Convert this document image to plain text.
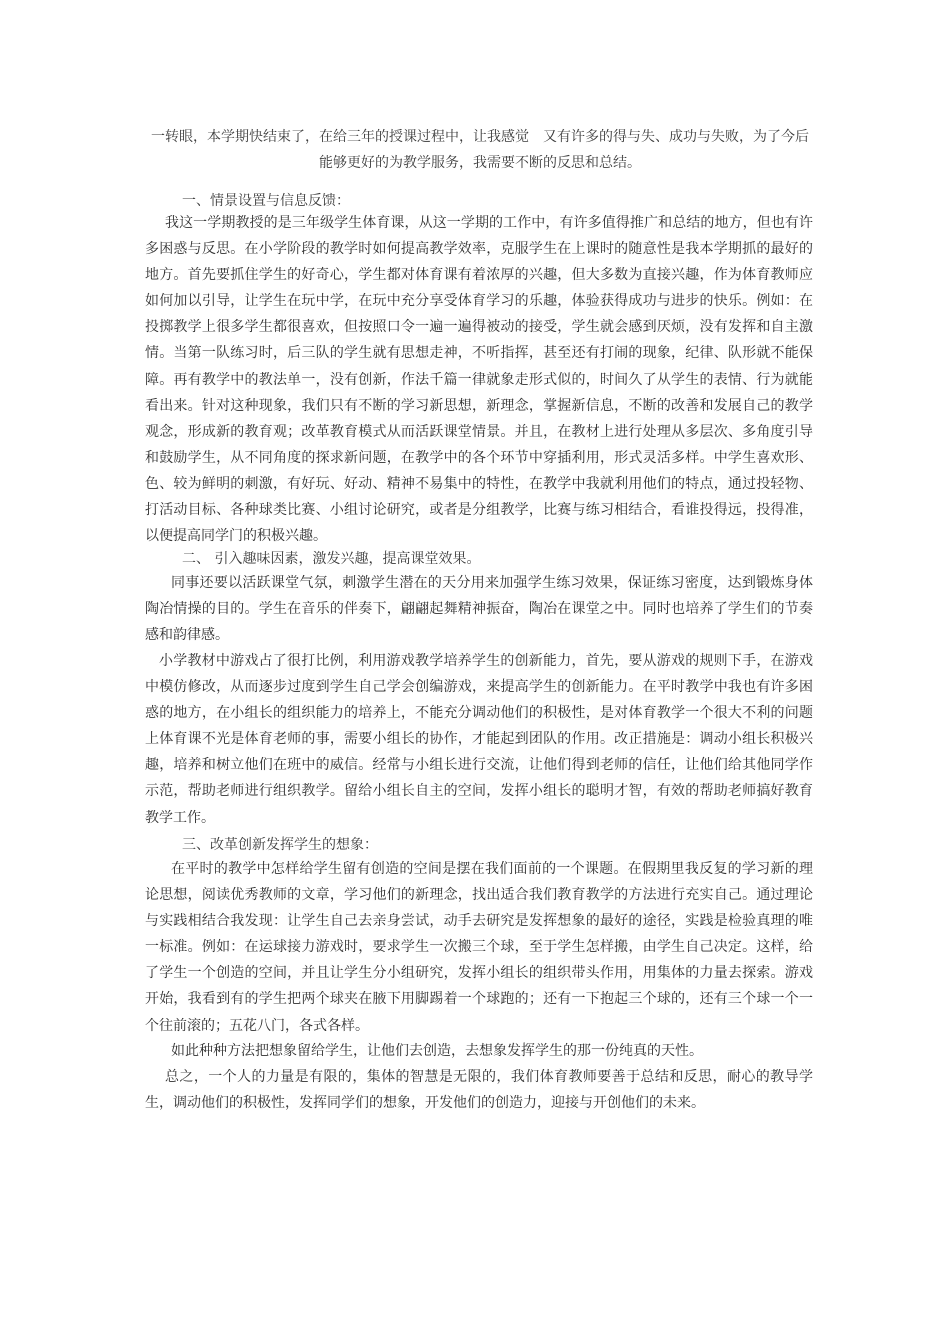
一转眼，本学期快结束了，在给三年的授课过程中，让我感觉　又有许多的得与失、成功与失败，为了今后能够更好的为教学服务，我需要不断的反思和总结。
一、情景设置与信息反馈：
我这一学期教授的是三年级学生体育课，从这一学期的工作中，有许多值得推广和总结的地方，但也有许多困惑与反思。在小学阶段的教学时如何提高教学效率，克服学生在上课时的随意性是我本学期抓的最好的地方。首先要抓住学生的好奇心，学生都对体育课有着浓厚的兴趣，但大多数为直接兴趣，作为体育教师应如何加以引导，让学生在玩中学，在玩中充分享受体育学习的乐趣，体验获得成功与进步的快乐。例如：在投掷教学上很多学生都很喜欢，但按照口令一遍一遍得被动的接受，学生就会感到厌烦，没有发挥和自主激情。当第一队练习时，后三队的学生就有思想走神，不听指挥，甚至还有打闹的现象，纪律、队形就不能保障。再有教学中的教法单一，没有创新，作法千篇一律就象走形式似的，时间久了从学生的表情、行为就能看出来。针对这种现象，我们只有不断的学习新思想，新理念，掌握新信息，不断的改善和发展自己的教学观念，形成新的教育观；改革教育模式从而活跃课堂情景。并且，在教材上进行处理从多层次、多角度引导和鼓励学生，从不同角度的探求新问题，在教学中的各个环节中穿插利用，形式灵活多样。中学生喜欢形、色、较为鲜明的刺激，有好玩、好动、精神不易集中的特性，在教学中我就利用他们的特点，通过投轻物、打活动目标、各种球类比赛、小组讨论研究，或者是分组教学，比赛与练习相结合，看谁投得远，投得准，以便提高同学门的积极兴趣。
二、 引入趣味因素，激发兴趣，提高课堂效果。
同事还要以活跃课堂气氛，刺激学生潜在的天分用来加强学生练习效果，保证练习密度，达到锻炼身体陶冶情操的目的。学生在音乐的伴奏下，翩翩起舞精神振奋，陶冶在课堂之中。同时也培养了学生们的节奏感和韵律感。
小学教材中游戏占了很打比例，利用游戏教学培养学生的创新能力，首先，要从游戏的规则下手，在游戏中模仿修改，从而逐步过度到学生自己学会创编游戏，来提高学生的创新能力。在平时教学中我也有许多困惑的地方，在小组长的组织能力的培养上，不能充分调动他们的积极性，是对体育教学一个很大不利的问题上体育课不光是体育老师的事，需要小组长的协作，才能起到团队的作用。改正措施是：调动小组长积极兴趣，培养和树立他们在班中的威信。经常与小组长进行交流，让他们得到老师的信任，让他们给其他同学作示范，帮助老师进行组织教学。留给小组长自主的空间，发挥小组长的聪明才智，有效的帮助老师搞好教育教学工作。
三、改革创新发挥学生的想象：
在平时的教学中怎样给学生留有创造的空间是摆在我们面前的一个课题。在假期里我反复的学习新的理论思想，阅读优秀教师的文章，学习他们的新理念，找出适合我们教育教学的方法进行充实自己。通过理论与实践相结合我发现：让学生自己去亲身尝试，动手去研究是发挥想象的最好的途径，实践是检验真理的唯一标准。例如：在运球接力游戏时，要求学生一次搬三个球，至于学生怎样搬，由学生自己决定。这样，给了学生一个创造的空间，并且让学生分小组研究，发挥小组长的组织带头作用，用集体的力量去探索。游戏开始，我看到有的学生把两个球夹在腋下用脚踢着一个球跑的；还有一下抱起三个球的，还有三个球一个一个往前滚的；五花八门，各式各样。
如此种种方法把想象留给学生，让他们去创造，去想象发挥学生的那一份纯真的天性。
总之，一个人的力量是有限的，集体的智慧是无限的，我们体育教师要善于总结和反思，耐心的教导学生，调动他们的积极性，发挥同学们的想象，开发他们的创造力，迎接与开创他们的未来。
